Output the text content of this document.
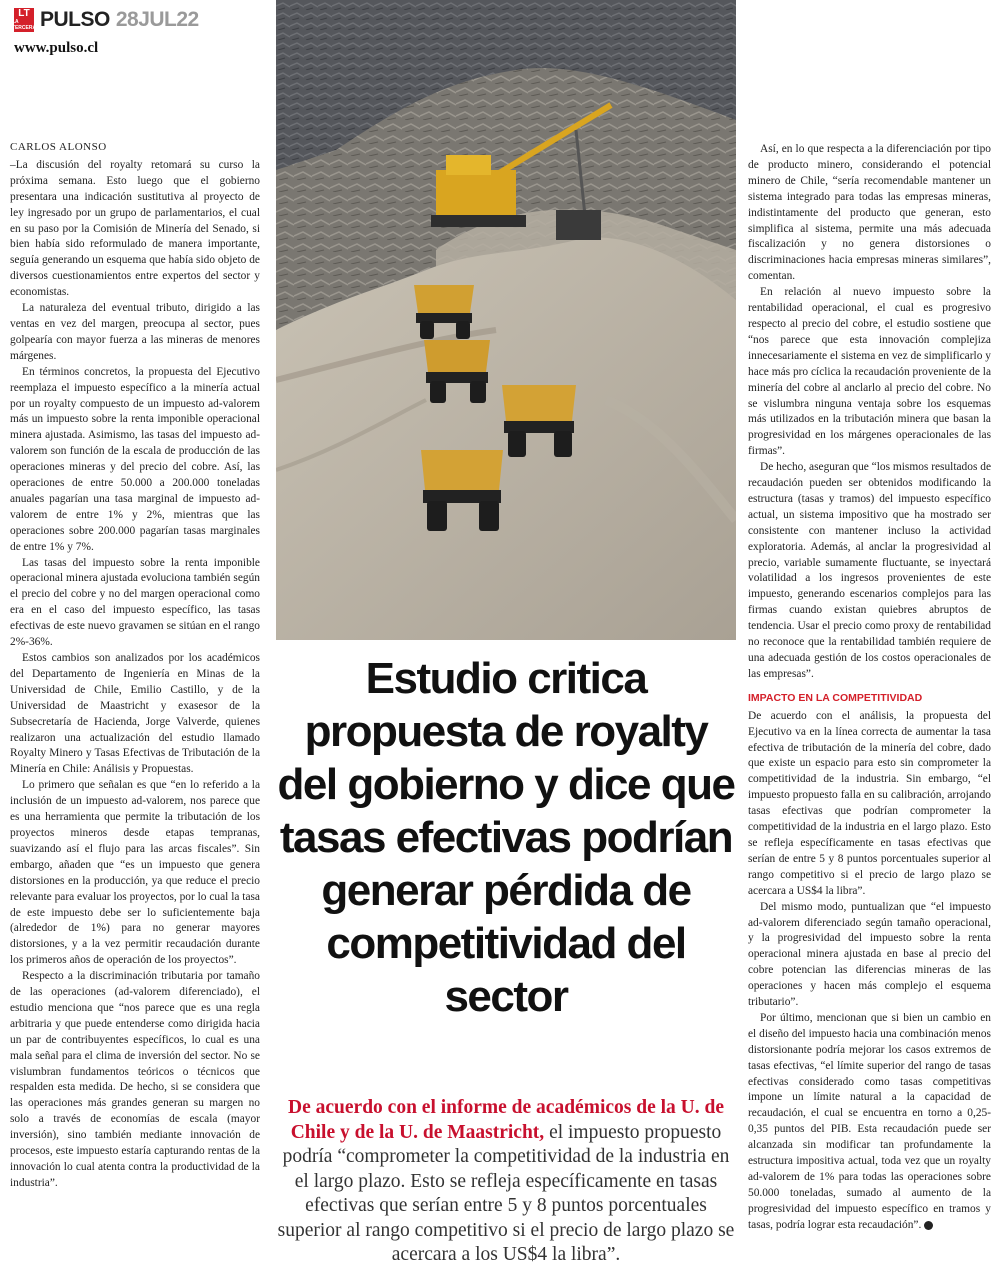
LT
LA TERCERA PULSO 28JUL22
www.pulso.cl
CARLOS ALONSO

–La discusión del royalty retomará su curso la próxima semana. Esto luego que el gobierno presentara una indicación sustitutiva al proyecto de ley ingresado por un grupo de parlamentarios, el cual en su paso por la Comisión de Minería del Senado, si bien había sido reformulado de manera importante, seguía generando un esquema que había sido objeto de diversos cuestionamientos entre expertos del sector y economistas.

La naturaleza del eventual tributo, dirigido a las ventas en vez del margen, preocupa al sector, pues golpearía con mayor fuerza a las mineras de menores márgenes.

En términos concretos, la propuesta del Ejecutivo reemplaza el impuesto específico a la minería actual por un royalty compuesto de un impuesto ad-valorem más un impuesto sobre la renta imponible operacional minera ajustada. Asimismo, las tasas del impuesto ad-valorem son función de la escala de producción de las operaciones mineras y del precio del cobre. Así, las operaciones de entre 50.000 a 200.000 toneladas anuales pagarían una tasa marginal de impuesto ad-valorem de entre 1% y 2%, mientras que las operaciones sobre 200.000 pagarían tasas marginales de entre 1% y 7%.

Las tasas del impuesto sobre la renta imponible operacional minera ajustada evoluciona también según el precio del cobre y no del margen operacional como era en el caso del impuesto específico, las tasas efectivas de este nuevo gravamen se sitúan en el rango 2%-36%.

Estos cambios son analizados por los académicos del Departamento de Ingeniería en Minas de la Universidad de Chile, Emilio Castillo, y de la Universidad de Maastricht y exasesor de la Subsecretaría de Hacienda, Jorge Valverde, quienes realizaron una actualización del estudio llamado Royalty Minero y Tasas Efectivas de Tributación de la Minería en Chile: Análisis y Propuestas.

Lo primero que señalan es que “en lo referido a la inclusión de un impuesto ad-valorem, nos parece que es una herramienta que permite la tributación de los proyectos mineros desde etapas tempranas, suavizando así el flujo para las arcas fiscales”. Sin embargo, añaden que “es un impuesto que genera distorsiones en la producción, ya que reduce el precio relevante para evaluar los proyectos, por lo cual la tasa de este impuesto debe ser lo suficientemente baja (alrededor de 1%) para no generar mayores distorsiones, y a la vez permitir recaudación durante los primeros años de operación de los proyectos”.

Respecto a la discriminación tributaria por tamaño de las operaciones (ad-valorem diferenciado), el estudio menciona que “nos parece que es una regla arbitraria y que puede entenderse como dirigida hacia un par de contribuyentes específicos, lo cual es una mala señal para el clima de inversión del sector. No se vislumbran fundamentos teóricos o técnicos que respalden esta medida. De hecho, si se considera que las operaciones más grandes generan su margen no solo a través de economías de escala (mayor inversión), sino también mediante innovación de procesos, este impuesto estaría capturando rentas de la innovación lo cual atenta contra la productividad de la industria”.

Estudio critica propuesta de royalty del gobierno y dice que tasas efectivas podrían generar pérdida de competitividad del sector

De acuerdo con el informe de académicos de la U. de Chile y de la U. de Maastricht, el impuesto propuesto podría “comprometer la competitividad de la industria en el largo plazo. Esto se refleja específicamente en tasas efectivas que serían entre 5 y 8 puntos porcentuales superior al rango competitivo si el precio de largo plazo se acercara a los US$4 la libra”.

Así, en lo que respecta a la diferenciación por tipo de producto minero, considerando el potencial minero de Chile, “sería recomendable mantener un sistema integrado para todas las empresas mineras, indistintamente del producto que generan, esto simplifica al sistema, permite una más adecuada fiscalización y no genera distorsiones o discriminaciones hacia empresas mineras similares”, comentan.

En relación al nuevo impuesto sobre la rentabilidad operacional, el cual es progresivo respecto al precio del cobre, el estudio sostiene que “nos parece que esta innovación complejiza innecesariamente el sistema en vez de simplificarlo y hace más pro cíclica la recaudación proveniente de la minería del cobre al anclarlo al precio del cobre. No se vislumbra ninguna ventaja sobre los esquemas más utilizados en la tributación minera que basan la progresividad en los márgenes operacionales de las firmas”.

De hecho, aseguran que “los mismos resultados de recaudación pueden ser obtenidos modificando la estructura (tasas y tramos) del impuesto específico actual, un sistema impositivo que ha mostrado ser consistente con mantener incluso la actividad exploratoria. Además, al anclar la progresividad al precio, variable sumamente fluctuante, se inyectará volatilidad a los ingresos provenientes de este impuesto, generando escenarios complejos para las firmas cuando existan quiebres abruptos de tendencia. Usar el precio como proxy de rentabilidad no reconoce que la rentabilidad también requiere de una adecuada gestión de los costos operacionales de las empresas”.

IMPACTO EN LA COMPETITIVIDAD

De acuerdo con el análisis, la propuesta del Ejecutivo va en la línea correcta de aumentar la tasa efectiva de tributación de la minería del cobre, dado que existe un espacio para esto sin comprometer la competitividad de la industria. Sin embargo, “el impuesto propuesto falla en su calibración, arrojando tasas efectivas que podrían comprometer la competitividad de la industria en el largo plazo. Esto se refleja específicamente en tasas efectivas que serían de entre 5 y 8 puntos porcentuales superior al rango competitivo si el precio de largo plazo se acercara a US$4 la libra”.

Del mismo modo, puntualizan que “el impuesto ad-valorem diferenciado según tamaño operacional, y la progresividad del impuesto sobre la renta operacional minera ajustada en base al precio del cobre potencian las diferencias mineras de las operaciones y hacen más complejo el esquema tributario”.

Por último, mencionan que si bien un cambio en el diseño del impuesto hacia una combinación menos distorsionante podría mejorar los casos extremos de tasas efectivas, “el límite superior del rango de tasas efectivas considerado como tasas competitivas impone un límite natural a la capacidad de recaudación, el cual se encuentra en torno a 0,25-0,35 puntos del PIB. Esta recaudación puede ser alcanzada sin modificar tan profundamente la estructura impositiva actual, toda vez que un royalty ad-valorem de 1% para todas las operaciones sobre 50.000 toneladas, sumado al aumento de la progresividad del impuesto específico en tramos y tasas, podría lograr esta recaudación”.
